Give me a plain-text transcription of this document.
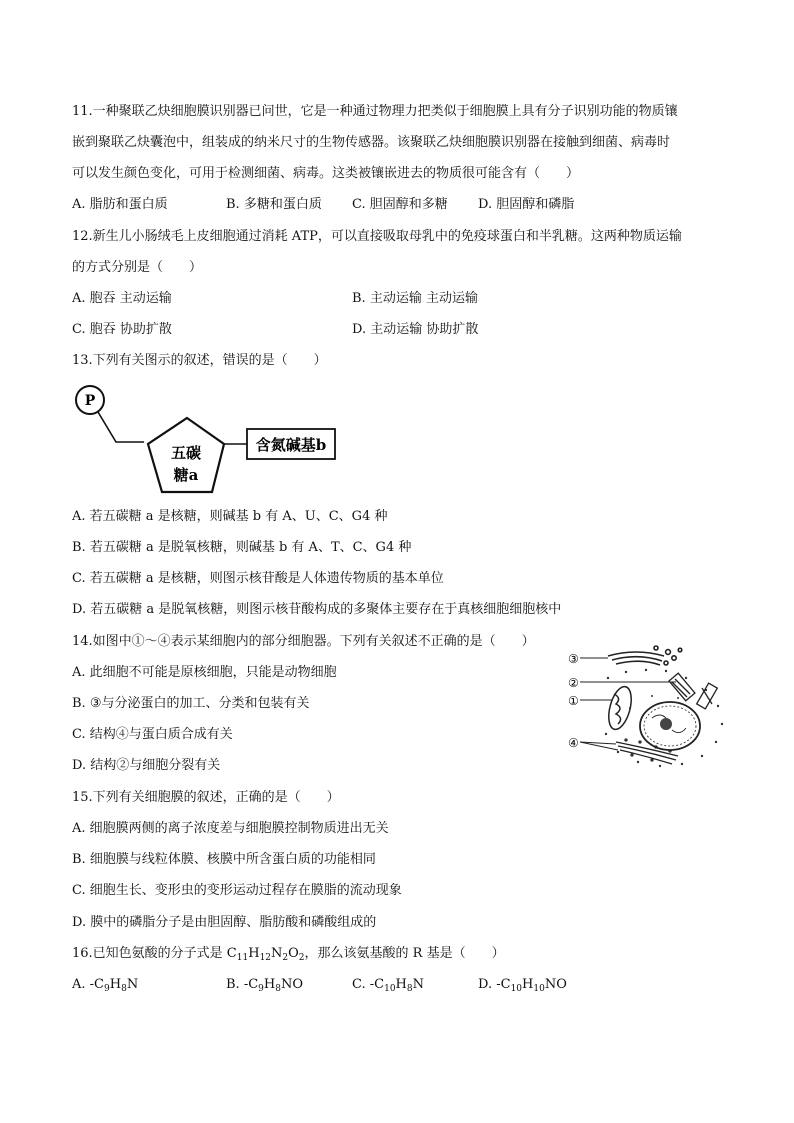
11.一种聚联乙炔细胞膜识别器已问世，它是一种通过物理力把类似于细胞膜上具有分子识别功能的物质镶
嵌到聚联乙炔囊泡中，组装成的纳米尺寸的生物传感器。该聚联乙炔细胞膜识别器在接触到细菌、病毒时
可以发生颜色变化，可用于检测细菌、病毒。这类被镶嵌进去的物质很可能含有（　　）
A. 脂肪和蛋白质	B. 多糖和蛋白质 C. 胆固醇和多糖 D. 胆固醇和磷脂
12.新生儿小肠绒毛上皮细胞通过消耗 ATP，可以直接吸取母乳中的免疫球蛋白和半乳糖。这两种物质运输
的方式分别是（　　）
A. 胞吞 主动运输	B. 主动运输 主动运输
C. 胞吞 协助扩散	D. 主动运输 协助扩散
13.下列有关图示的叙述，错误的是（　　）
P
五碳
糖a
含氮碱基b
A. 若五碳糖 a 是核糖，则碱基 b 有 A、U、C、G4 种
B. 若五碳糖 a 是脱氧核糖，则碱基 b 有 A、T、C、G4 种
C. 若五碳糖 a 是核糖，则图示核苷酸是人体遗传物质的基本单位
D. 若五碳糖 a 是脱氧核糖，则图示核苷酸构成的多聚体主要存在于真核细胞细胞核中
14.如图中①～④表示某细胞内的部分细胞器。下列有关叙述不正确的是（　　）
A. 此细胞不可能是原核细胞，只能是动物细胞
B. ③与分泌蛋白的加工、分类和包装有关
C. 结构④与蛋白质合成有关
D. 结构②与细胞分裂有关
③
②
①
④
15.下列有关细胞膜的叙述，正确的是（　　）
A. 细胞膜两侧的离子浓度差与细胞膜控制物质进出无关
B. 细胞膜与线粒体膜、核膜中所含蛋白质的功能相同
C. 细胞生长、变形虫的变形运动过程存在膜脂的流动现象
D. 膜中的磷脂分子是由胆固醇、脂肪酸和磷酸组成的
16.已知色氨酸的分子式是 $C_{11}H_{12}N_2O_2$，那么该氨基酸的 R 基是（　　）
A. $-C_9H_8N$	B. $-C_9H_8NO$	C. $-C_{10}H_8N$	D. $-C_{10}H_{10}NO$
